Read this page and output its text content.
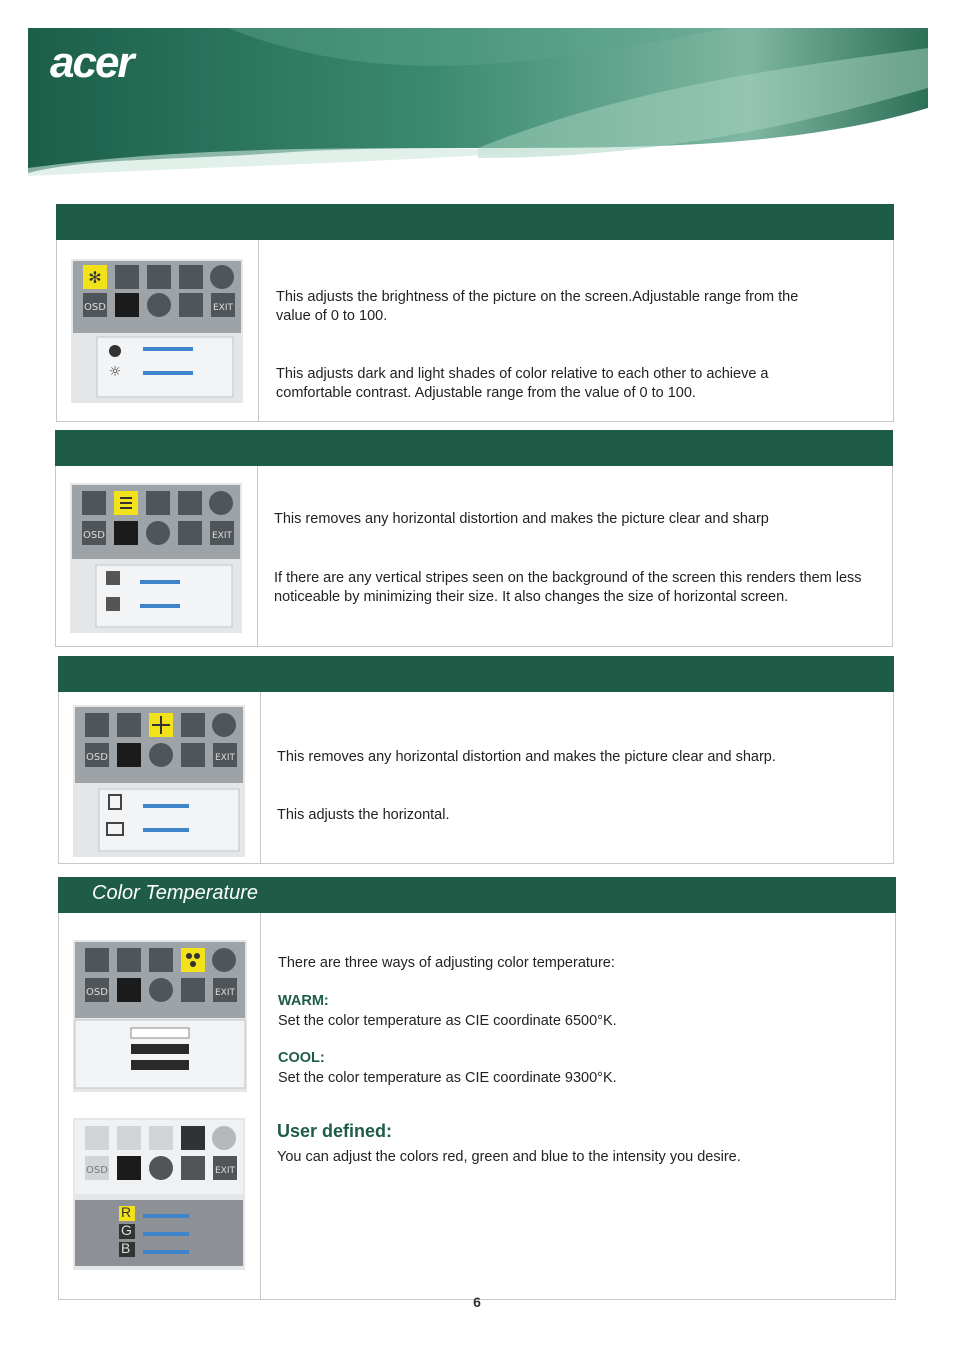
acer
✻
OSD	EXIT
☼
This adjusts the brightness of the picture on the screen.Adjustable range from the value of 0 to 100.
This adjusts dark and light shades of color relative to each other to achieve a comfortable contrast. Adjustable range from the value of 0 to 100.
OSD	EXIT
This removes any horizontal distortion and makes the picture clear and sharp
If there are any vertical stripes seen on the background of the screen this renders them less noticeable by minimizing their size. It also changes the size of horizontal screen.
OSD	EXIT	This removes any horizontal distortion and makes the picture clear and sharp.
This adjusts the horizontal.
Color Temperature
OSD	EXIT
OSD	EXIT
R
G
B
There are three ways of adjusting color temperature:
WARM:
Set the color temperature as CIE coordinate 6500°K.
COOL:
Set the color temperature as CIE coordinate 9300°K.
User defined:
You can adjust the colors red, green and blue to the intensity you desire.
6
